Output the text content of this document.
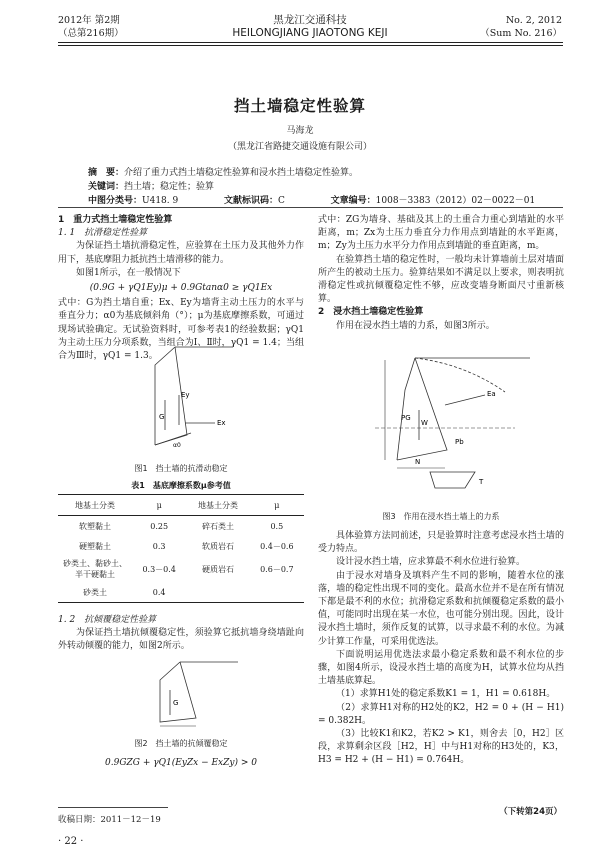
2012年 第2期
（总第216期）
黑龙江交通科技
HEILONGJIANG JIAOTONG KEJI
No. 2, 2012
（Sum No. 216）
挡土墙稳定性验算
马海龙
（黑龙江省路捷交通设施有限公司）
摘　要：介绍了重力式挡土墙稳定性验算和浸水挡土墙稳定性验算。
关键词：挡土墙；稳定性；验算
中图分类号：U418. 9	文献标识码：C	文章编号：1008－3383（2012）02－0022－01
1　重力式挡土墙稳定性验算
1. 1　抗滑稳定性验算

为保证挡土墙抗滑稳定性，应验算在土压力及其他外力作用下，基底摩阻力抵抗挡土墙滑移的能力。

如图1所示，在一般情况下

(0.9G + γQ1Ey)μ + 0.9Gtanα0 ≥ γQ1Ex

式中：G为挡土墙自重；Ex、Ey为墙背主动土压力的水平与垂直分力；α0为基底倾斜角（°）；μ为基底摩擦系数，可通过现场试验确定。无试验资料时，可参考表1的经验数据；γQ1为主动土压力分项系数，当组合为Ⅰ、Ⅱ时，γQ1 = 1.4；当组合为Ⅲ时，γQ1 = 1.3。

Ey
Ex
G
α0
图1　挡土墙的抗滑动稳定
表1　基底摩擦系数μ参考值
地基土分类	μ	地基土分类	μ
软塑黏土	0.25	碎石类土	0.5
硬塑黏土	0.3	软质岩石	0.4－0.6
砂类土、黏砂土、半干硬黏土	0.3－0.4	硬质岩石	0.6－0.7
砂类土	0.4		
1. 2　抗倾覆稳定性验算

为保证挡土墙抗倾覆稳定性，须验算它抵抗墙身绕墙趾向外转动倾覆的能力，如图2所示。

G
图2　挡土墙的抗倾覆稳定
0.9GZG + γQ1(EyZx − ExZy) > 0

式中：ZG为墙身、基础及其上的土重合力重心到墙趾的水平距离，m；Zx为土压力垂直分力作用点到墙趾的水平距离，m；Zy为土压力水平分力作用点到墙趾的垂直距离，m。

在验算挡土墙的稳定性时，一般均未计算墙前土层对墙面所产生的被动土压力。验算结果如不满足以上要求，则表明抗滑稳定性或抗倾覆稳定性不够，应改变墙身断面尺寸重新核算。

2　浸水挡土墙稳定性验算

作用在浸水挡土墙的力系，如图3所示。

Ea
W
Pb
PG
N
T
图3　作用在浸水挡土墙上的力系

具体验算方法同前述，只是验算时注意考虑浸水挡土墙的受力特点。

设计浸水挡土墙，应求算最不利水位进行验算。

由于浸水对墙身及填料产生不同的影响，随着水位的涨落，墙的稳定性出现不同的变化。最高水位并不是在所有情况下都是最不利的水位；抗滑稳定系数和抗倾覆稳定系数的最小值，可能同时出现在某一水位，也可能分别出现。因此，设计浸水挡土墙时，须作反复的试算，以寻求最不利的水位。为减少计算工作量，可采用优选法。

下面说明运用优选法求最小稳定系数和最不利水位的步骤，如图4所示，设浸水挡土墙的高度为H，试算水位均从挡土墙基底算起。

（1）求算H1处的稳定系数K1 = 1，H1 = 0.618H。

（2）求算H1对称的H2处的K2，H2 = 0 + (H − H1) = 0.382H。

（3）比较K1和K2，若K2 > K1，则舍去［0，H2］区段，求算剩余区段［H2，H］中与H1对称的H3处的，K3，H3 = H2 + (H − H1) = 0.764H。

（下转第24页）
收稿日期：2011－12－19
· 22 ·
